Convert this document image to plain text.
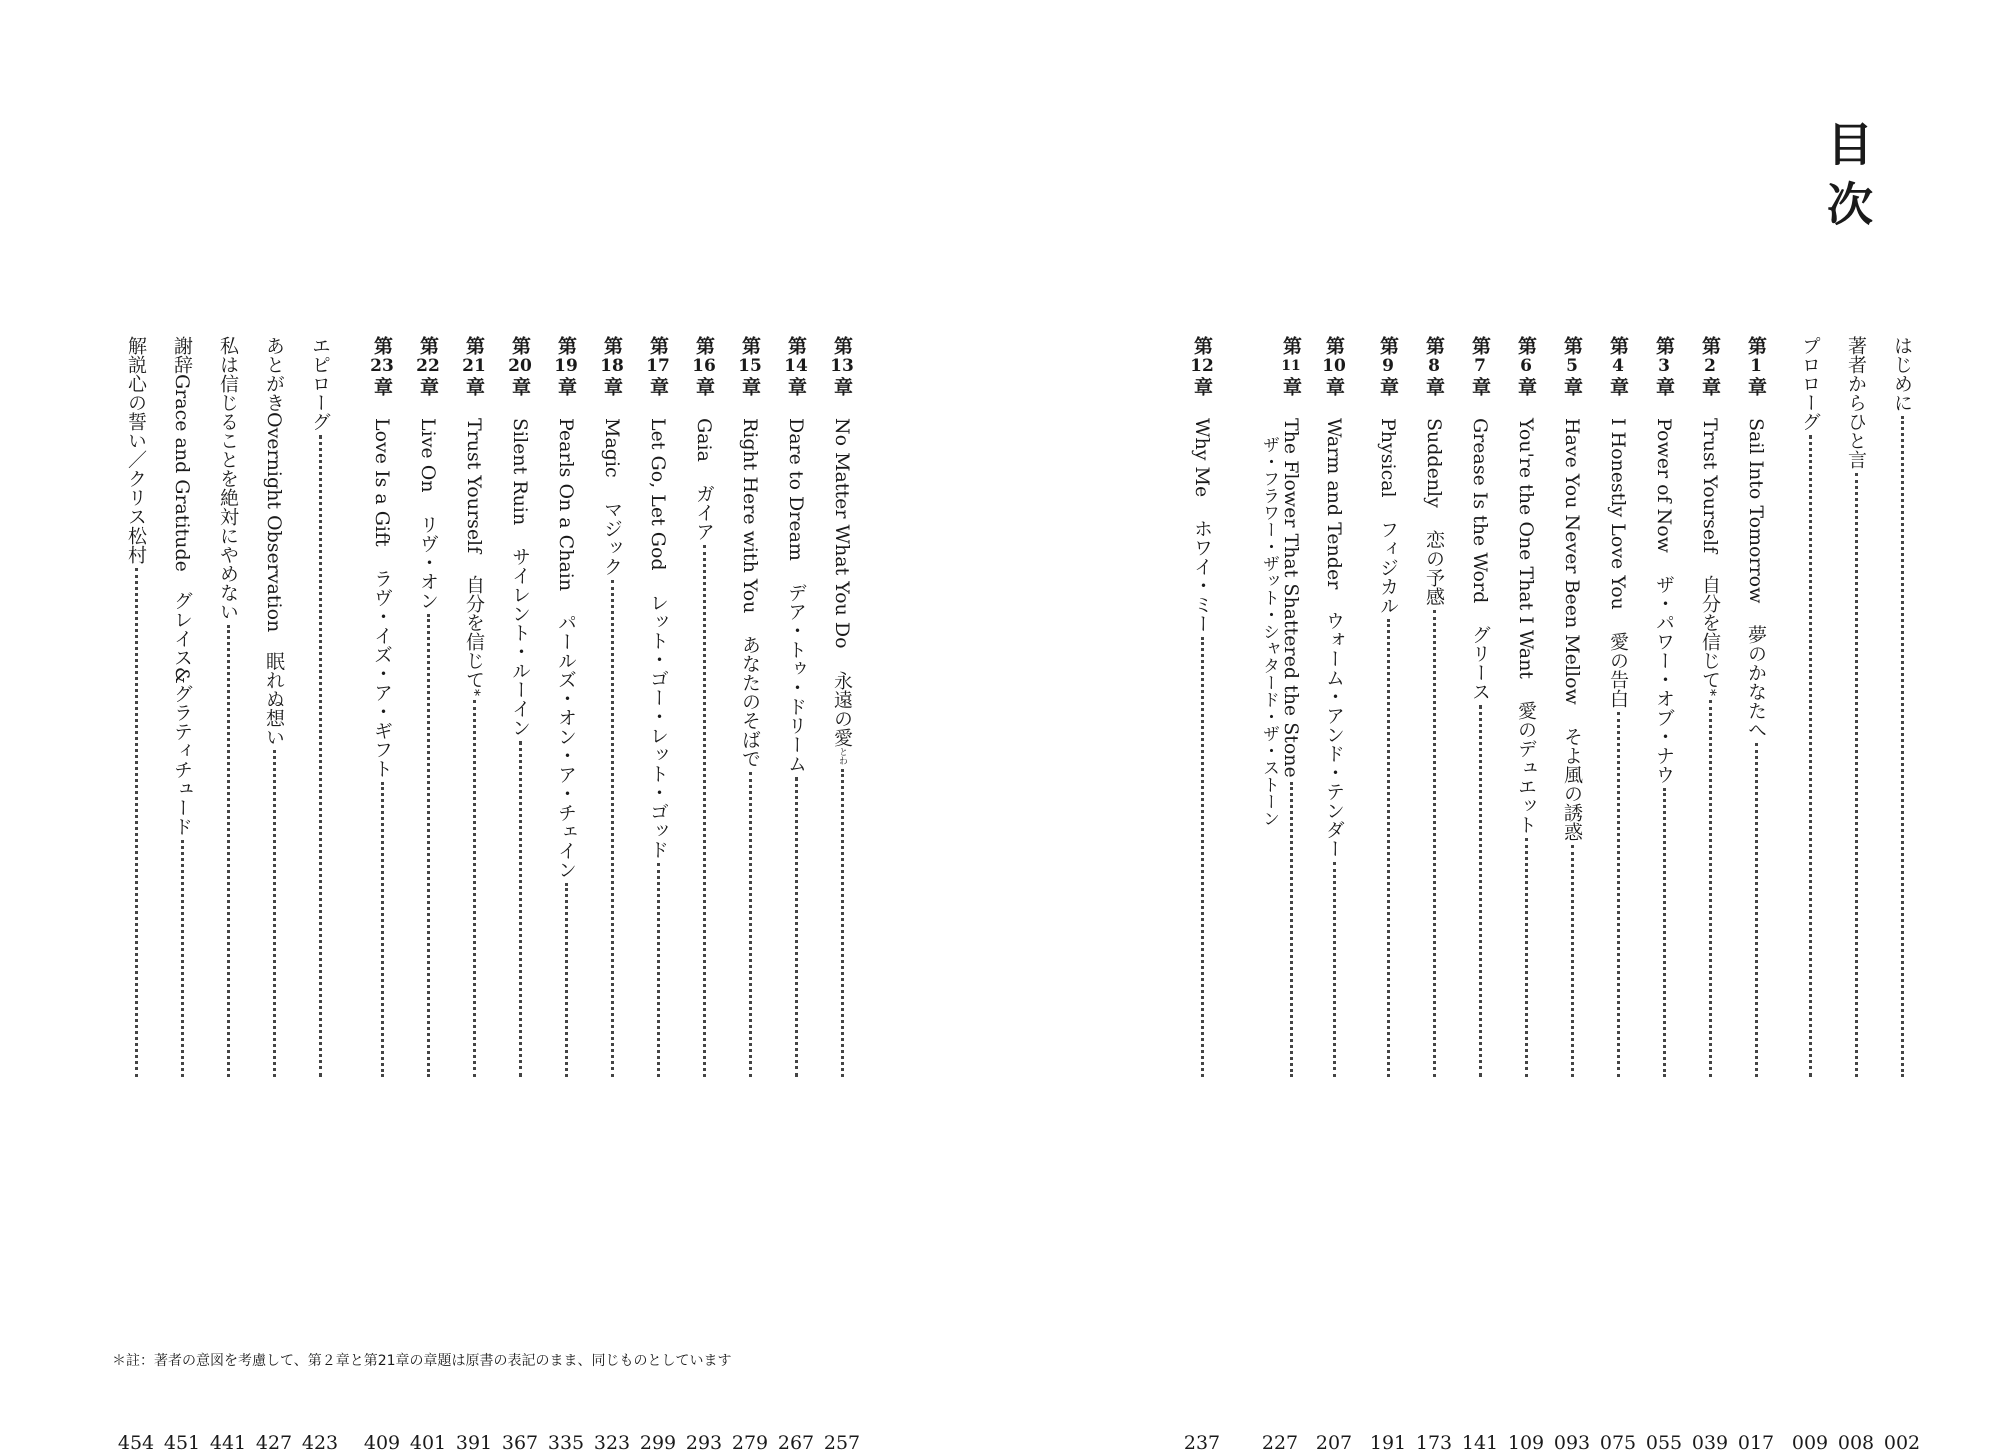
目次
はじめに
002
著者からひと言
008
プロローグ
009
第
1
章
Sail Into Tomorrow
夢のかなたへ
017
第
2
章
Trust Yourself
自分を信じて
*
039
第
3
章
Power of Now
ザ・パワー・オブ・ナウ
055
第
4
章
I Honestly Love You
愛の告白
075
第
5
章
Have You Never Been Mellow
そよ風の誘惑
093
第
6
章
You're the One That I Want
愛のデュエット
109
第
7
章
Grease Is the Word
グリース
141
第
8
章
Suddenly
恋の予感
173
第
9
章
Physical
フィジカル
191
第
10
章
Warm and Tender
ウォーム・アンド・テンダー
207
第
11
章
The Flower That Shattered the Stone
ザ・フラワー・ザット・シャタード・ザ・ストーン
227
第
12
章
Why Me
ホワイ・ミー
237
第
13
章
No Matter What You Do
永遠の愛
とわ
257
第
14
章
Dare to Dream
デア・トゥ・ドリーム
267
第
15
章
Right Here with You
あなたのそばで
279
第
16
章
Gaia
ガイア
293
第
17
章
Let Go, Let God
レット・ゴー・レット・ゴッド
299
第
18
章
Magic
マジック
323
第
19
章
Pearls On a Chain
パールズ・オン・ア・チェイン
335
第
20
章
Silent Ruin
サイレント・ルーイン
367
第
21
章
Trust Yourself
自分を信じて
*
391
第
22
章
Live On
リヴ・オン
401
第
23
章
Love Is a Gift
ラヴ・イズ・ア・ギフト
409
エピローグ
423
あとがき
Overnight Observation　眠れぬ想い
427
私は信じることを絶対にやめない
441
謝辞
Grace and Gratitude　グレイス&グラティチュード
451
解説
心の誓い／クリス松村
454
＊註：著者の意図を考慮して、第２章と第21章の章題は原書の表記のまま、同じものとしています
